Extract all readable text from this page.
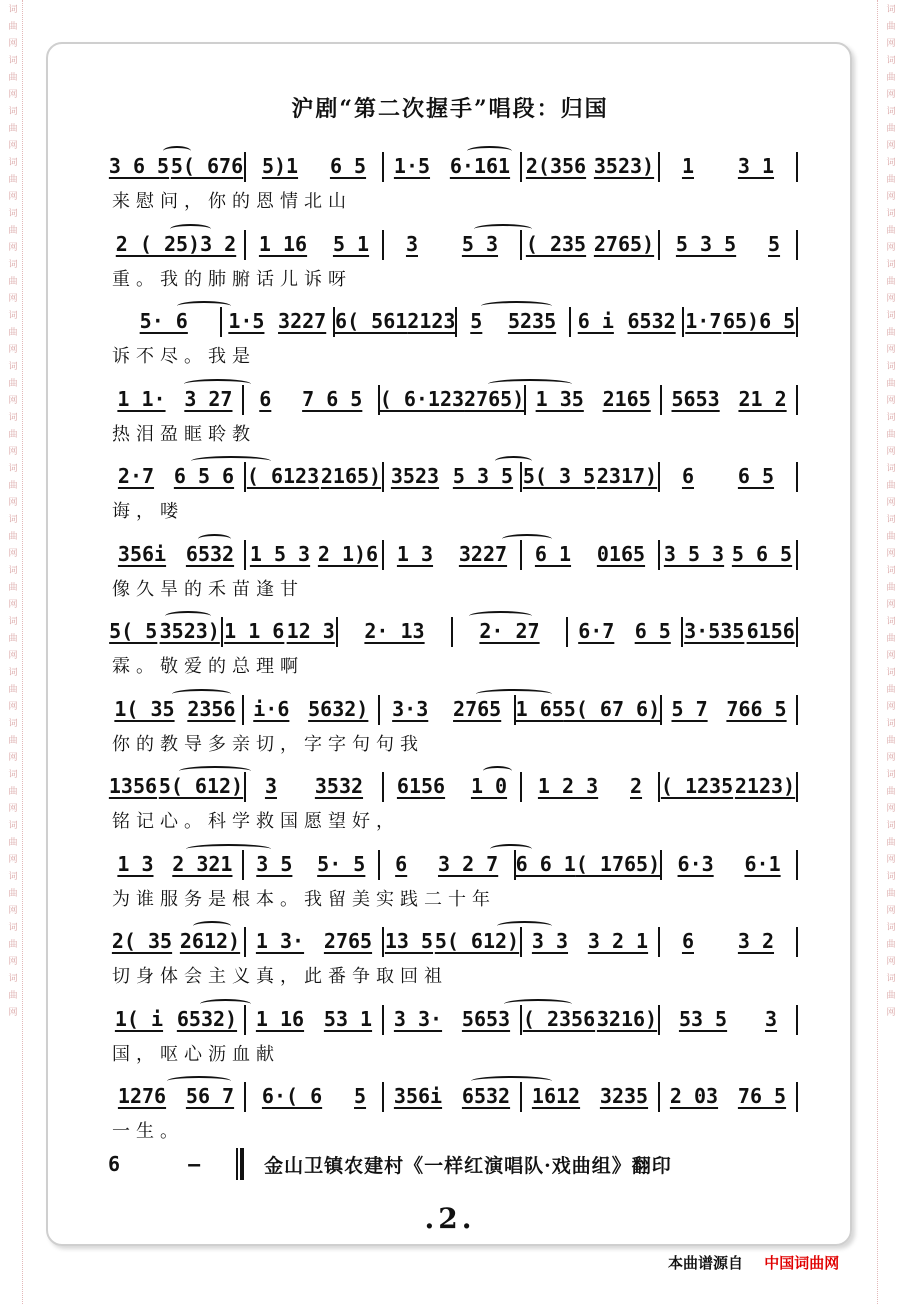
词
曲
网
词
曲
网
词
曲
网
词
曲
网
词
曲
网
词
曲
网
词
曲
网
词
曲
网
词
曲
网
词
曲
网
词
曲
网
词
曲
网
词
曲
网
词
曲
网
词
曲
网
词
曲
网
词
曲
网
词
曲
网
词
曲
网
词
曲
网
词
曲
网
词
曲
网
词
曲
网
词
曲
网
词
曲
网
词
曲
网
词
曲
网
词
曲
网
词
曲
网
词
曲
网
词
曲
网
词
曲
网
词
曲
网
词
曲
网
词
曲
网
词
曲
网
词
曲
网
词
曲
网
词
曲
网
词
曲
网
沪剧“第二次握手”唱段：归国
3 6 5 5( 676 5)1 6 5 1·5 6·161 2(356 3523) 1 3 1
来慰问，你的恩情北山
2 ( 25)3 2 1 16 5 1 3 5 3 ( 235 2765) 5 3 5 5
重。我的肺腑话儿诉呀
5· 6 1·5 3227 6( 561 2123 5 5235 6 i 6532 1·7 65)6 5
诉不尽。我是
1 1· 3 27 6 7 6 5 ( 6·123 2765) 1 35 2165 5653 21 2
热泪盈眶聆教
2·7 6 5 6 ( 6123 2165) 3523 5 3 5 5( 3 5 2317) 6 6 5
诲，喽
356i 6532 1 5 3 2 1)6 1 3 3227 6 1 0165 3 5 3 5 6 5
像久旱的禾苗逢甘
5( 5 3523) 1 1 6 12 3 2· 13	2· 27 6·7 6 5 3·535 6156
霖。敬爱的总理啊
1( 35 2356 i·6 5632) 3·3 2765 1 65 5( 67 6) 5 7 766 5
你的教导多亲切，字字句句我
1356 5( 612) 3 3532 6156 1 0 1 2 3 2 ( 1235 2123)
铭记心。科学救国愿望好，
1 3 2 321 3 5 5· 5 6 3 2 7 6 6 1 ( 1765) 6·3 6·1
为谁服务是根本。我留美实践二十年
2( 35 2612) 1 3· 2765 13 5 5( 612) 3 3 3 2 1 6 3 2
切身体会主义真，此番争取回祖
1( i 6532) 1 16 53 1 3 3· 5653 ( 2356 3216) 53 5 3
国，呕心沥血献
1276 56 7 6·( 6 5 356i 6532 1612 3235 2 03 76 5
一生。
6 – 金山卫镇农建村《一样红演唱队·戏曲组》翻印
.2.
本曲谱源自 中国词曲网
